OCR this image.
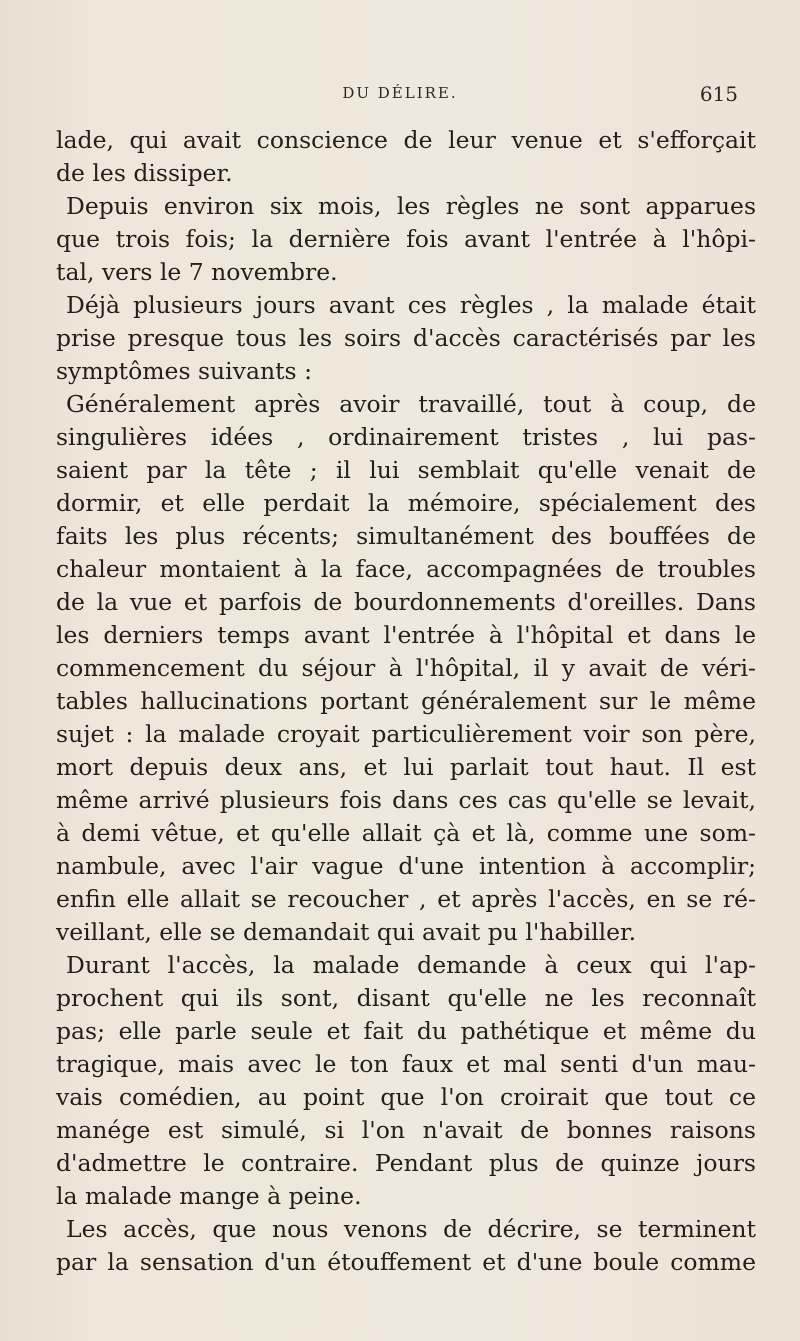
DU DÉLIRE.	615
lade, qui avait conscience de leur venue et s'efforçait
de les dissiper.
Depuis environ six mois, les règles ne sont apparues
que trois fois; la dernière fois avant l'entrée à l'hôpi-
tal, vers le 7 novembre.
Déjà plusieurs jours avant ces règles , la malade était
prise presque tous les soirs d'accès caractérisés par les
symptômes suivants :
Généralement après avoir travaillé, tout à coup, de
singulières idées , ordinairement tristes , lui pas-
saient par la tête ; il lui semblait qu'elle venait de
dormir, et elle perdait la mémoire, spécialement des
faits les plus récents; simultanément des bouffées de
chaleur montaient à la face, accompagnées de troubles
de la vue et parfois de bourdonnements d'oreilles. Dans
les derniers temps avant l'entrée à l'hôpital et dans le
commencement du séjour à l'hôpital, il y avait de véri-
tables hallucinations portant généralement sur le même
sujet : la malade croyait particulièrement voir son père,
mort depuis deux ans, et lui parlait tout haut. Il est
même arrivé plusieurs fois dans ces cas qu'elle se levait,
à demi vêtue, et qu'elle allait çà et là, comme une som-
nambule, avec l'air vague d'une intention à accomplir;
enfin elle allait se recoucher , et après l'accès, en se ré-
veillant, elle se demandait qui avait pu l'habiller.
Durant l'accès, la malade demande à ceux qui l'ap-
prochent qui ils sont, disant qu'elle ne les reconnaît
pas; elle parle seule et fait du pathétique et même du
tragique, mais avec le ton faux et mal senti d'un mau-
vais comédien, au point que l'on croirait que tout ce
manége est simulé, si l'on n'avait de bonnes raisons
d'admettre le contraire. Pendant plus de quinze jours
la malade mange à peine.
Les accès, que nous venons de décrire, se terminent
par la sensation d'un étouffement et d'une boule comme
